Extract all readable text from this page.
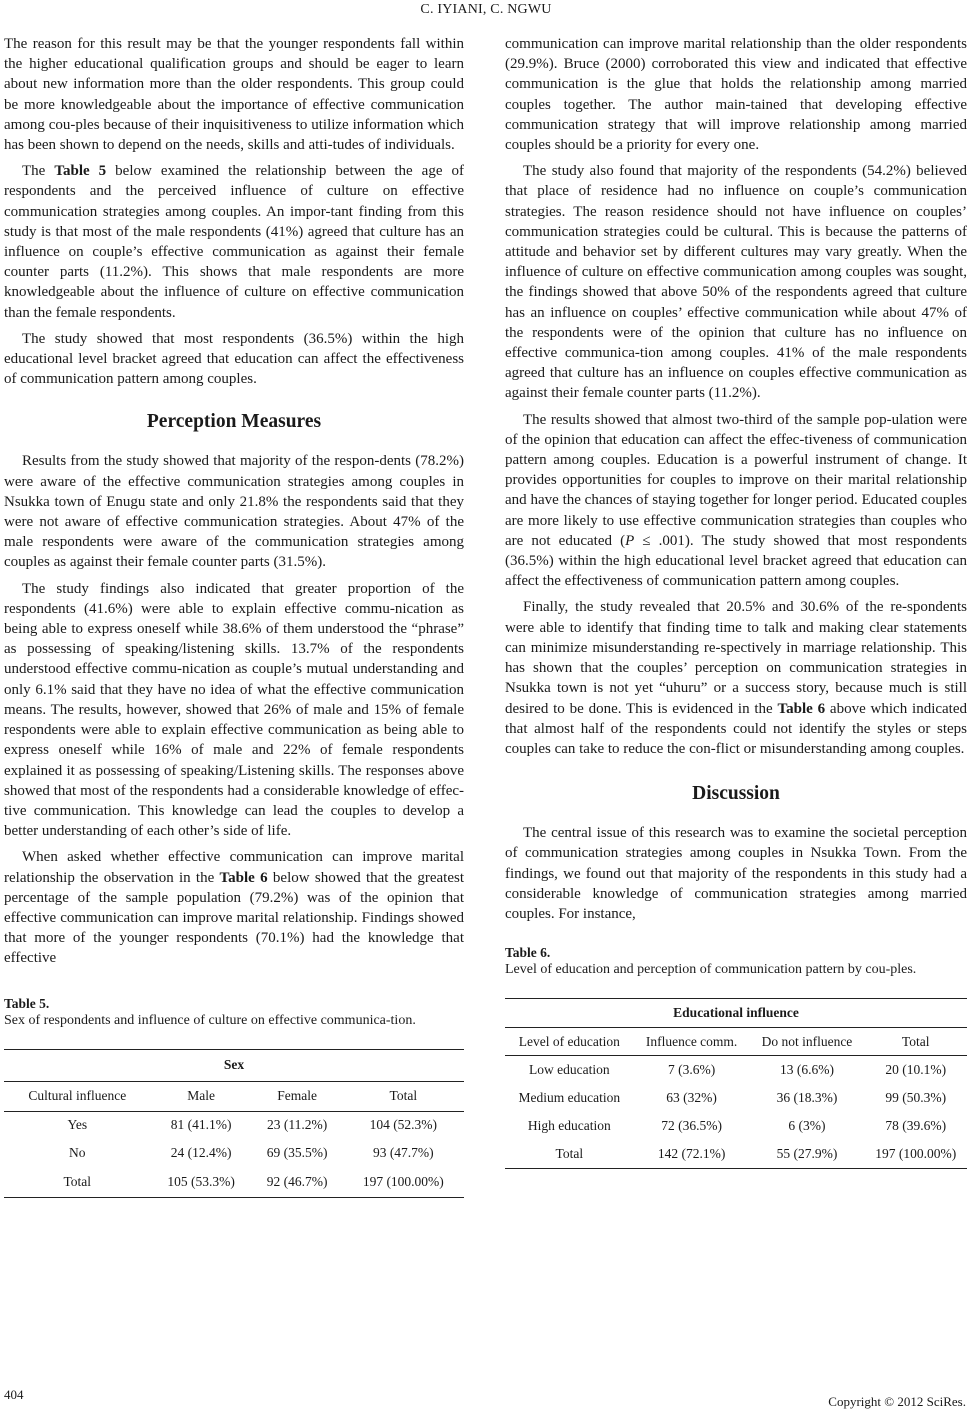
C. IYIANI, C. NGWU

The reason for this result may be that the younger respondents fall within the higher educational qualification groups and should be eager to learn about new information more than the older respondents. This group could be more knowledgeable about the importance of effective communication among cou-ples because of their inquisitiveness to utilize information which has been shown to depend on the needs, skills and atti-tudes of individuals.

The Table 5 below examined the relationship between the age of respondents and the perceived influence of culture on effective communication strategies among couples. An impor-tant finding from this study is that most of the male respondents (41%) agreed that culture has an influence on couple’s effective communication as against their female counter parts (11.2%). This shows that male respondents are more knowledgeable about the influence of culture on effective communication than the female respondents.

The study showed that most respondents (36.5%) within the high educational level bracket agreed that education can affect the effectiveness of communication pattern among couples.

Perception Measures

Results from the study showed that majority of the respon-dents (78.2%) were aware of the effective communication strategies among couples in Nsukka town of Enugu state and only 21.8% the respondents said that they were not aware of effective communication strategies. About 47% of the male respondents were aware of the communication strategies among couples as against their female counter parts (31.5%).

The study findings also indicated that greater proportion of the respondents (41.6%) were able to explain effective commu-nication as being able to express oneself while 38.6% of them understood the “phrase” as possessing of speaking/listening skills. 13.7% of the respondents understood effective commu-nication as couple’s mutual understanding and only 6.1% said that they have no idea of what the effective communication means. The results, however, showed that 26% of male and 15% of female respondents were able to explain effective communication as being able to express oneself while 16% of male and 22% of female respondents explained it as possessing of speaking/Listening skills. The responses above showed that most of the respondents had a considerable knowledge of effec-tive communication. This knowledge can lead the couples to develop a better understanding of each other’s side of life.

When asked whether effective communication can improve marital relationship the observation in the Table 6 below showed that the greatest percentage of the sample population (79.2%) was of the opinion that effective communication can improve marital relationship. Findings showed that more of the younger respondents (70.1%) had the knowledge that effective

Table 5.
Sex of respondents and influence of culture on effective communica-tion.
Sex			
Cultural influence	Male	Female	Total
Yes	81 (41.1%)	23 (11.2%)	104 (52.3%)
No	24 (12.4%)	69 (35.5%)	93 (47.7%)
Total	105 (53.3%)	92 (46.7%)	197 (100.00%)

communication can improve marital relationship than the older respondents (29.9%). Bruce (2000) corroborated this view and indicated that effective communication is the glue that holds the relationship among married couples together. The author main-tained that developing effective communication strategy that will improve relationship among married couples should be a priority for every one.

The study also found that majority of the respondents (54.2%) believed that place of residence had no influence on couple’s communication strategies. The reason residence should not have influence on couples’ communication strategies could be cultural. This is because the patterns of attitude and behavior set by different cultures may vary greatly. When the influence of culture on effective communication among couples was sought, the findings showed that above 50% of the respondents agreed that culture has an influence on couples’ effective communication while about 47% of the respondents were of the opinion that culture has no influence on effective communica-tion among couples. 41% of the male respondents agreed that culture has an influence on couples effective communication as against their female counter parts (11.2%).

The results showed that almost two-third of the sample pop-ulation were of the opinion that education can affect the effec-tiveness of communication pattern among couples. Education is a powerful instrument of change. It provides opportunities for couples to improve on their marital relationship and have the chances of staying together for longer period. Educated couples are more likely to use effective communication strategies than couples who are not educated (P ≤ .001). The study showed that most respondents (36.5%) within the high educational level bracket agreed that education can affect the effectiveness of communication pattern among couples.

Finally, the study revealed that 20.5% and 30.6% of the re-spondents were able to identify that finding time to talk and making clear statements can minimize misunderstanding re-spectively in marriage relationship. This has shown that the couples’ perception on communication strategies in Nsukka town is not yet “uhuru” or a success story, because much is still desired to be done. This is evidenced in the Table 6 above which indicated that almost half of the respondents could not identify the styles or steps couples can take to reduce the con-flict or misunderstanding among couples.

Discussion

The central issue of this research was to examine the societal perception of communication strategies among couples in Nsukka Town. From the findings, we found out that majority of the respondents in this study had a considerable knowledge of communication strategies among married couples. For instance,

Table 6.
Level of education and perception of communication pattern by cou-ples.
Educational influence			
Level of education	Influence comm.	Do not influence	Total
Low education	7 (3.6%)	13 (6.6%)	20 (10.1%)
Medium education	63 (32%)	36 (18.3%)	99 (50.3%)
High education	72 (36.5%)	6 (3%)	78 (39.6%)
Total	142 (72.1%)	55 (27.9%)	197 (100.00%)
404	Copyright © 2012 SciRes.
